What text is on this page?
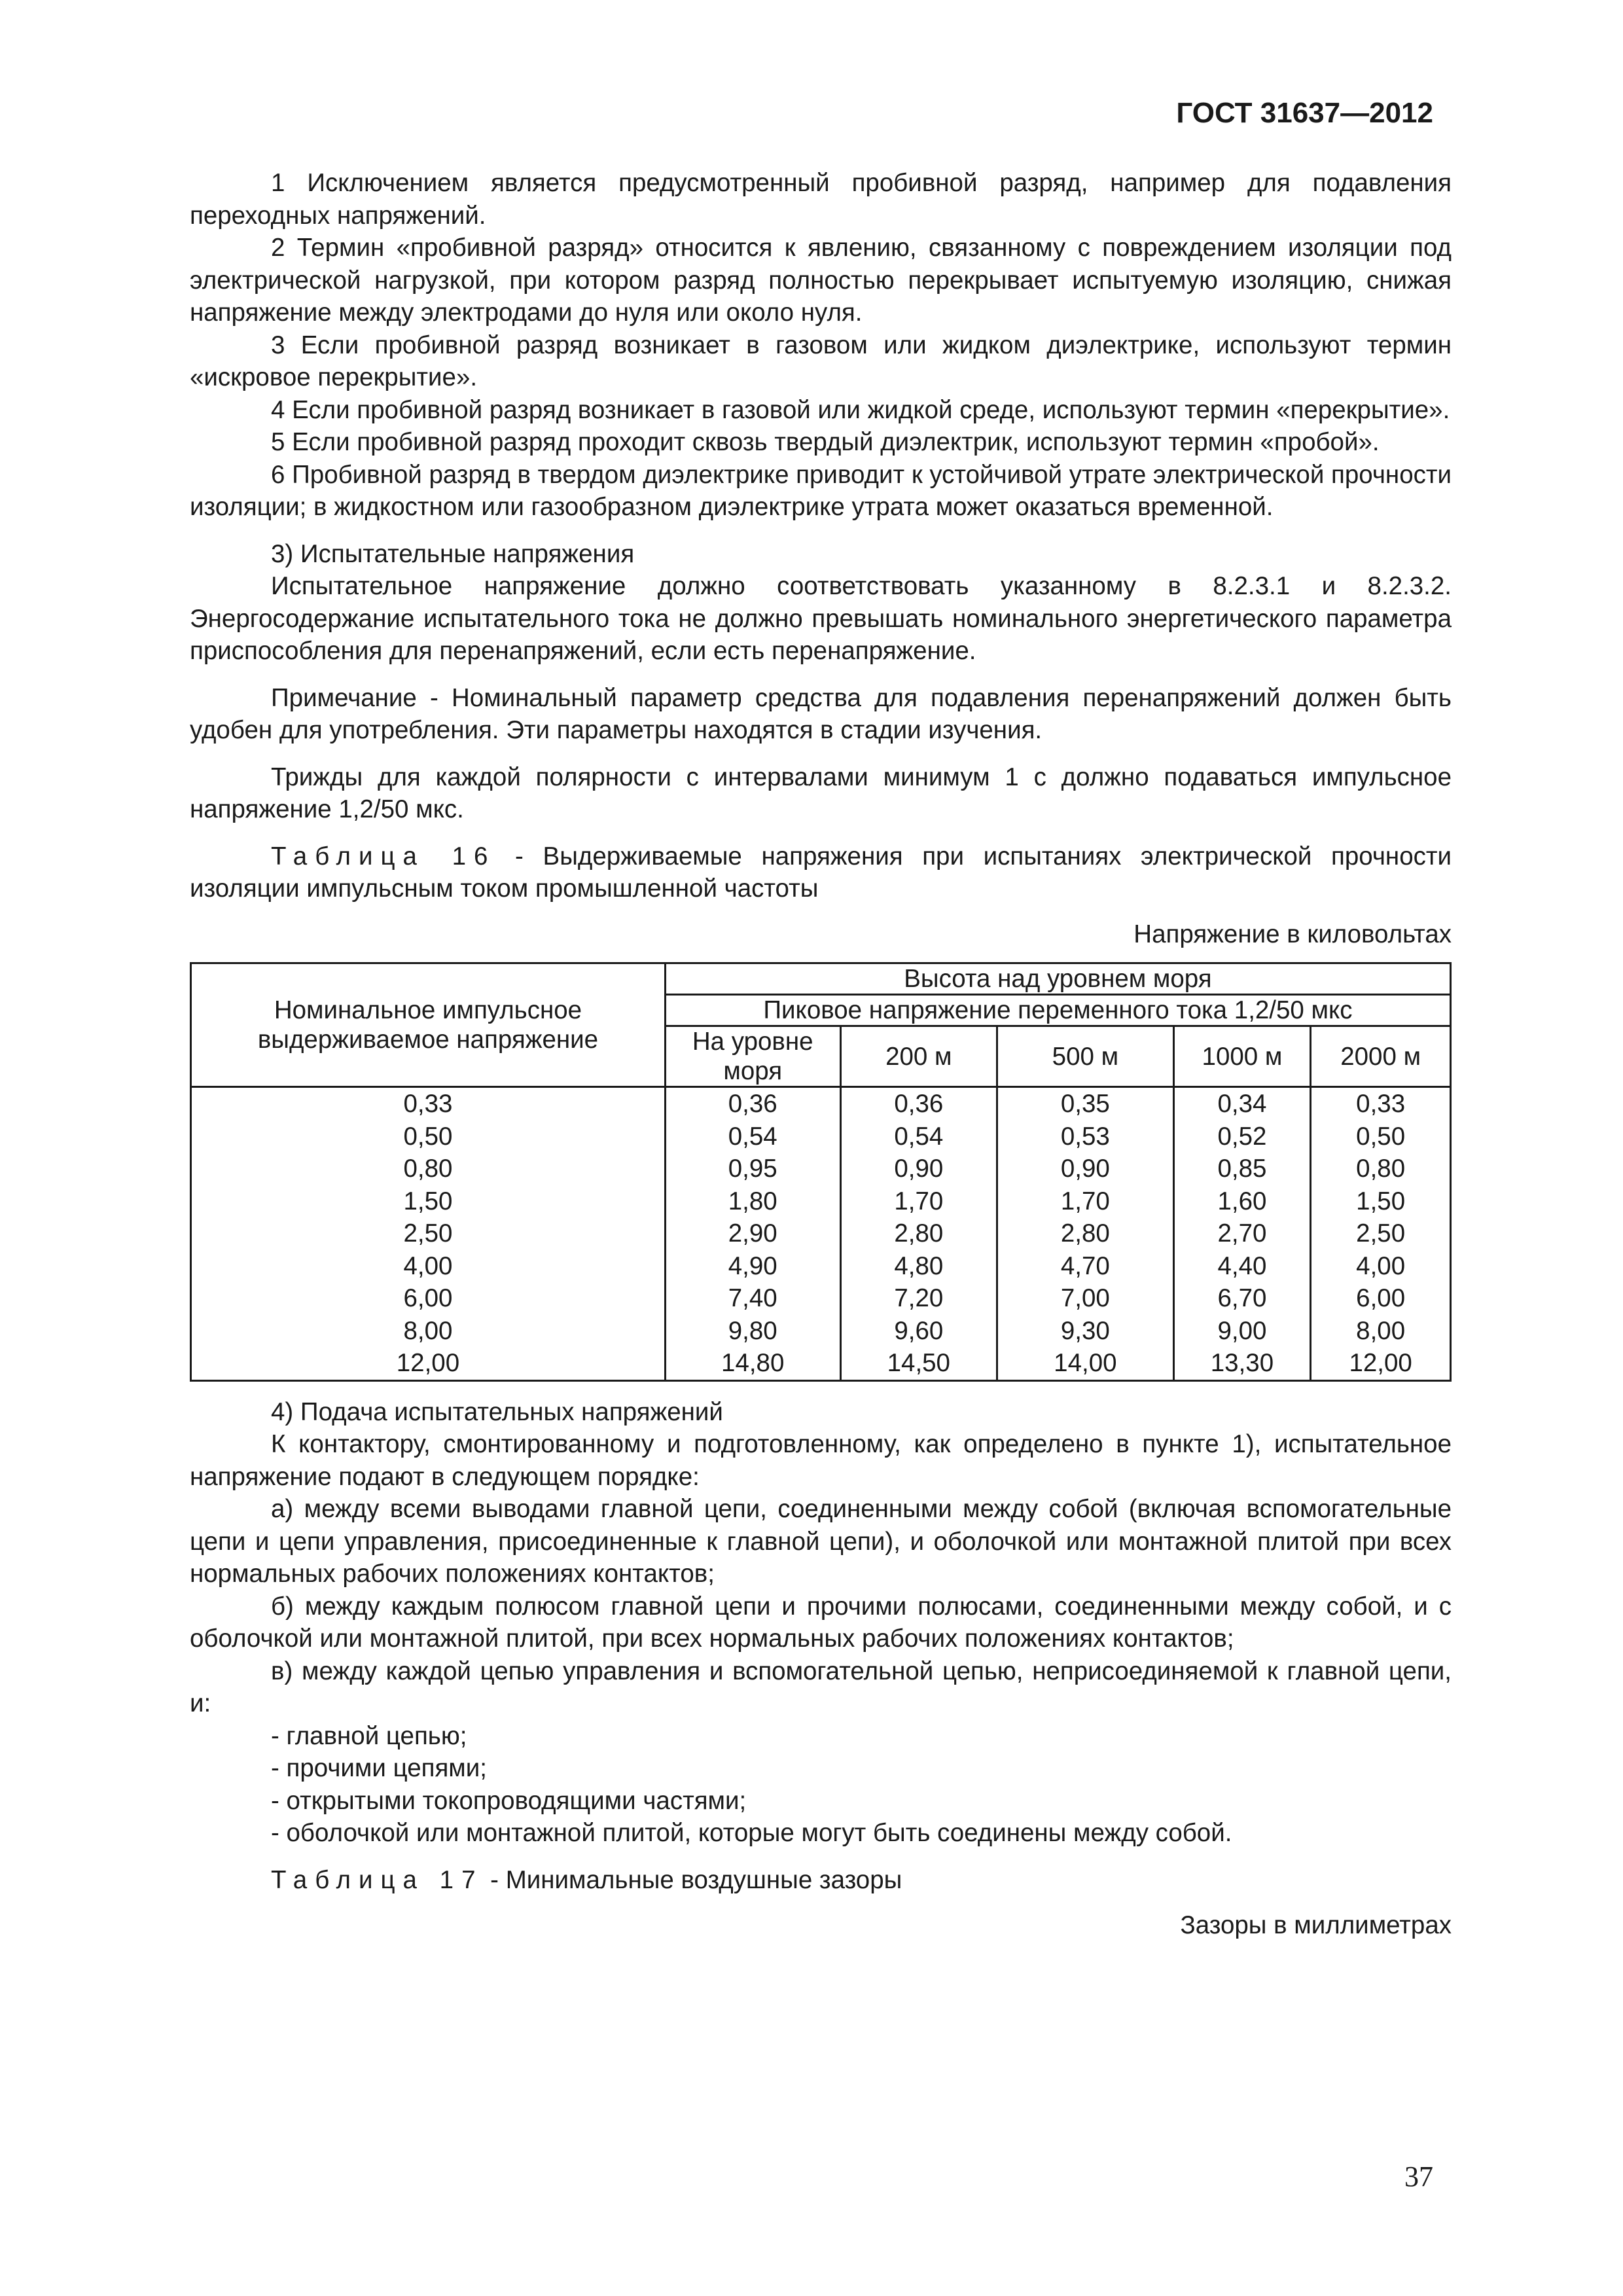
ГОСТ 31637—2012

1 Исключением является предусмотренный пробивной разряд, например для подавления переходных напряжений.

2 Термин «пробивной разряд» относится к явлению, связанному с повреждением изоляции под электрической нагрузкой, при котором разряд полностью перекрывает испытуемую изоляцию, снижая напряжение между электродами до нуля или около нуля.

3 Если пробивной разряд возникает в газовом или жидком диэлектрике, используют термин «искровое перекрытие».

4 Если пробивной разряд возникает в газовой или жидкой среде, используют термин «перекрытие».

5 Если пробивной разряд проходит сквозь твердый диэлектрик, используют термин «пробой».

6 Пробивной разряд в твердом диэлектрике приводит к устойчивой утрате электрической прочности изоляции; в жидкостном или газообразном диэлектрике утрата может оказаться временной.

3) Испытательные напряжения

Испытательное напряжение должно соответствовать указанному в 8.2.3.1 и 8.2.3.2. Энергосодержание испытательного тока не должно превышать номинального энергетического параметра приспособления для перенапряжений, если есть перенапряжение.

Примечание - Номинальный параметр средства для подавления перенапряжений должен быть удобен для употребления. Эти параметры находятся в стадии изучения.

Трижды для каждой полярности с интервалами минимум 1 с должно подаваться импульсное напряжение 1,2/50 мкс.

Таблица 16 - Выдерживаемые напряжения при испытаниях электрической прочности изоляции импульсным током промышленной частоты

Напряжение в киловольтах

Номинальное импульсное выдерживаемое напряжение	Высота над уровнем моря				
	Пиковое напряжение переменного тока 1,2/50 мкс				
	На уровне моря	200 м	500 м	1000 м	2000 м
0,33	0,36	0,36	0,35	0,34	0,33
0,50	0,54	0,54	0,53	0,52	0,50
0,80	0,95	0,90	0,90	0,85	0,80
1,50	1,80	1,70	1,70	1,60	1,50
2,50	2,90	2,80	2,80	2,70	2,50
4,00	4,90	4,80	4,70	4,40	4,00
6,00	7,40	7,20	7,00	6,70	6,00
8,00	9,80	9,60	9,30	9,00	8,00
12,00	14,80	14,50	14,00	13,30	12,00

4) Подача испытательных напряжений

К контактору, смонтированному и подготовленному, как определено в пункте 1), испытательное напряжение подают в следующем порядке:

а) между всеми выводами главной цепи, соединенными между собой (включая вспомогательные цепи и цепи управления, присоединенные к главной цепи), и оболочкой или монтажной плитой при всех нормальных рабочих положениях контактов;

б) между каждым полюсом главной цепи и прочими полюсами, соединенными между собой, и с оболочкой или монтажной плитой, при всех нормальных рабочих положениях контактов;

в) между каждой цепью управления и вспомогательной цепью, неприсоединяемой к главной цепи, и:

- главной цепью;

- прочими цепями;

- открытыми токопроводящими частями;

- оболочкой или монтажной плитой, которые могут быть соединены между собой.

Таблица 17 - Минимальные воздушные зазоры

Зазоры в миллиметрах

37
